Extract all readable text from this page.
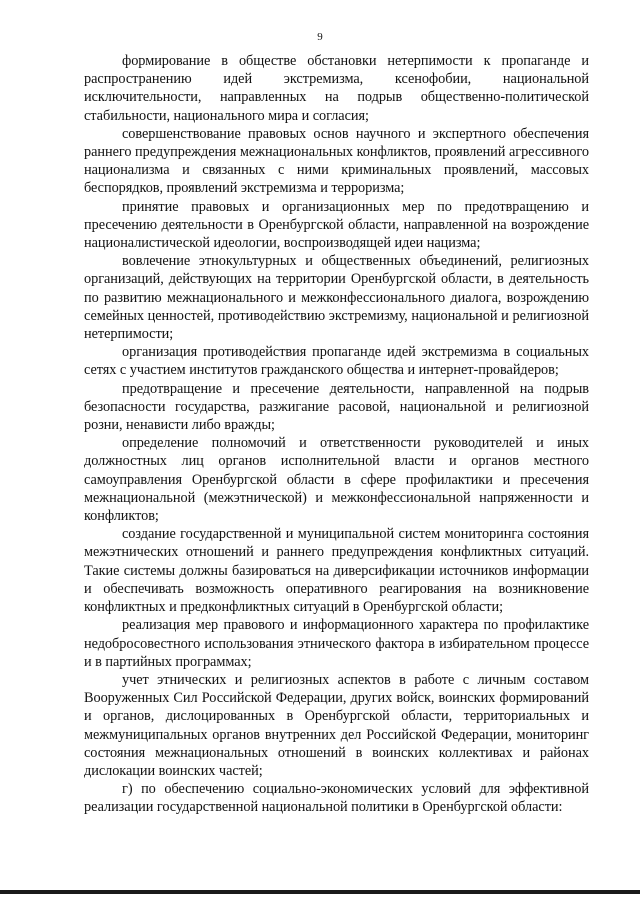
9

формирование в обществе обстановки нетерпимости к пропаганде и распространению идей экстремизма, ксенофобии, национальной исключительности, направленных на подрыв общественно-политической стабильности, национального мира и согласия;

совершенствование правовых основ научного и экспертного обеспечения раннего предупреждения межнациональных конфликтов, проявлений агрессивного национализма и связанных с ними криминальных проявлений, массовых беспорядков, проявлений экстремизма и терроризма;

принятие правовых и организационных мер по предотвращению и пресечению деятельности в Оренбургской области, направленной на возрождение националистической идеологии, воспроизводящей идеи нацизма;

вовлечение этнокультурных и общественных объединений, религиозных организаций, действующих на территории Оренбургской области, в деятельность по развитию межнационального и межконфессионального диалога, возрождению семейных ценностей, противодействию экстремизму, национальной и религиозной нетерпимости;

организация противодействия пропаганде идей экстремизма в социальных сетях с участием институтов гражданского общества и интернет-провайдеров;

предотвращение и пресечение деятельности, направленной на подрыв безопасности государства, разжигание расовой, национальной и религиозной розни, ненависти либо вражды;

определение полномочий и ответственности руководителей и иных должностных лиц органов исполнительной власти и органов местного самоуправления Оренбургской области в сфере профилактики и пресечения межнациональной (межэтнической) и межконфессиональной напряженности и конфликтов;

создание государственной и муниципальной систем мониторинга состояния межэтнических отношений и раннего предупреждения конфликтных ситуаций. Такие системы должны базироваться на диверсификации источников информации и обеспечивать возможность оперативного реагирования на возникновение конфликтных и предконфликтных ситуаций в Оренбургской области;

реализация мер правового и информационного характера по профилактике недобросовестного использования этнического фактора в избирательном процессе и в партийных программах;

учет этнических и религиозных аспектов в работе с личным составом Вооруженных Сил Российской Федерации, других войск, воинских формирований и органов, дислоцированных в Оренбургской области, территориальных и межмуниципальных органов внутренних дел Российской Федерации, мониторинг состояния межнациональных отношений в воинских коллективах и районах дислокации воинских частей;

г) по обеспечению социально-экономических условий для эффективной реализации государственной национальной политики в Оренбургской области:
